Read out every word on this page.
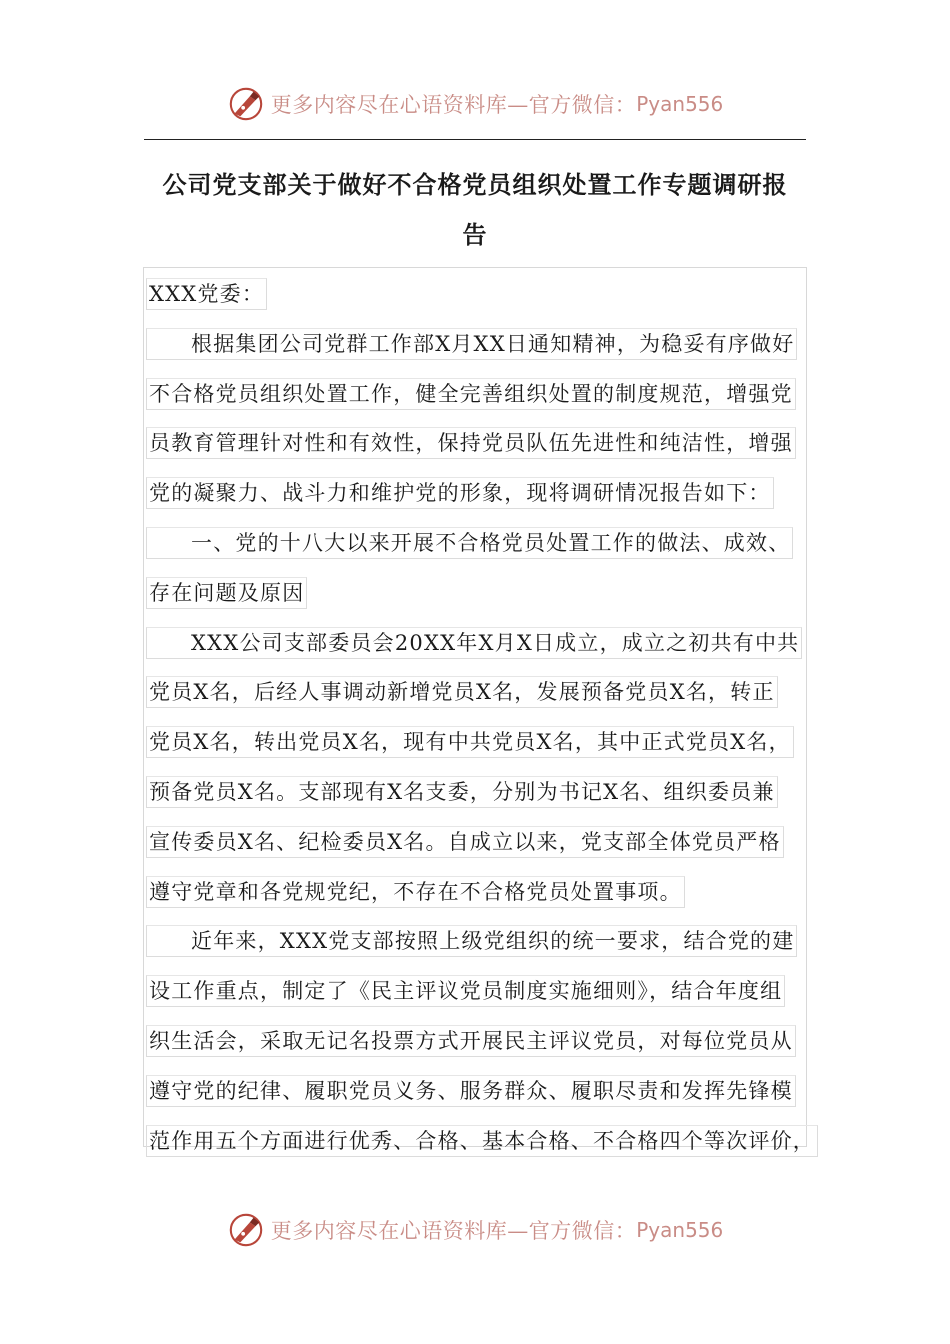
更多内容尽在心语资料库—官方微信： Pyan556
公司党支部关于做好不合格党员组织处置工作专题调研报
告
XXX党委：
根据集团公司党群工作部X月XX日通知精神，为稳妥有序做好
不合格党员组织处置工作，健全完善组织处置的制度规范，增强党
员教育管理针对性和有效性，保持党员队伍先进性和纯洁性，增强
党的凝聚力、战斗力和维护党的形象，现将调研情况报告如下：
一、党的十八大以来开展不合格党员处置工作的做法、成效、
存在问题及原因
XXX公司支部委员会20XX年X月X日成立，成立之初共有中共
党员X名，后经人事调动新增党员X名，发展预备党员X名，转正
党员X名，转出党员X名，现有中共党员X名，其中正式党员X名，
预备党员X名。支部现有X名支委，分别为书记X名、组织委员兼
宣传委员X名、纪检委员X名。自成立以来，党支部全体党员严格
遵守党章和各党规党纪，不存在不合格党员处置事项。
近年来，XXX党支部按照上级党组织的统一要求，结合党的建
设工作重点，制定了《民主评议党员制度实施细则》，结合年度组
织生活会，采取无记名投票方式开展民主评议党员，对每位党员从
遵守党的纪律、履职党员义务、服务群众、履职尽责和发挥先锋模
范作用五个方面进行优秀、合格、基本合格、不合格四个等次评价，
更多内容尽在心语资料库—官方微信： Pyan556
